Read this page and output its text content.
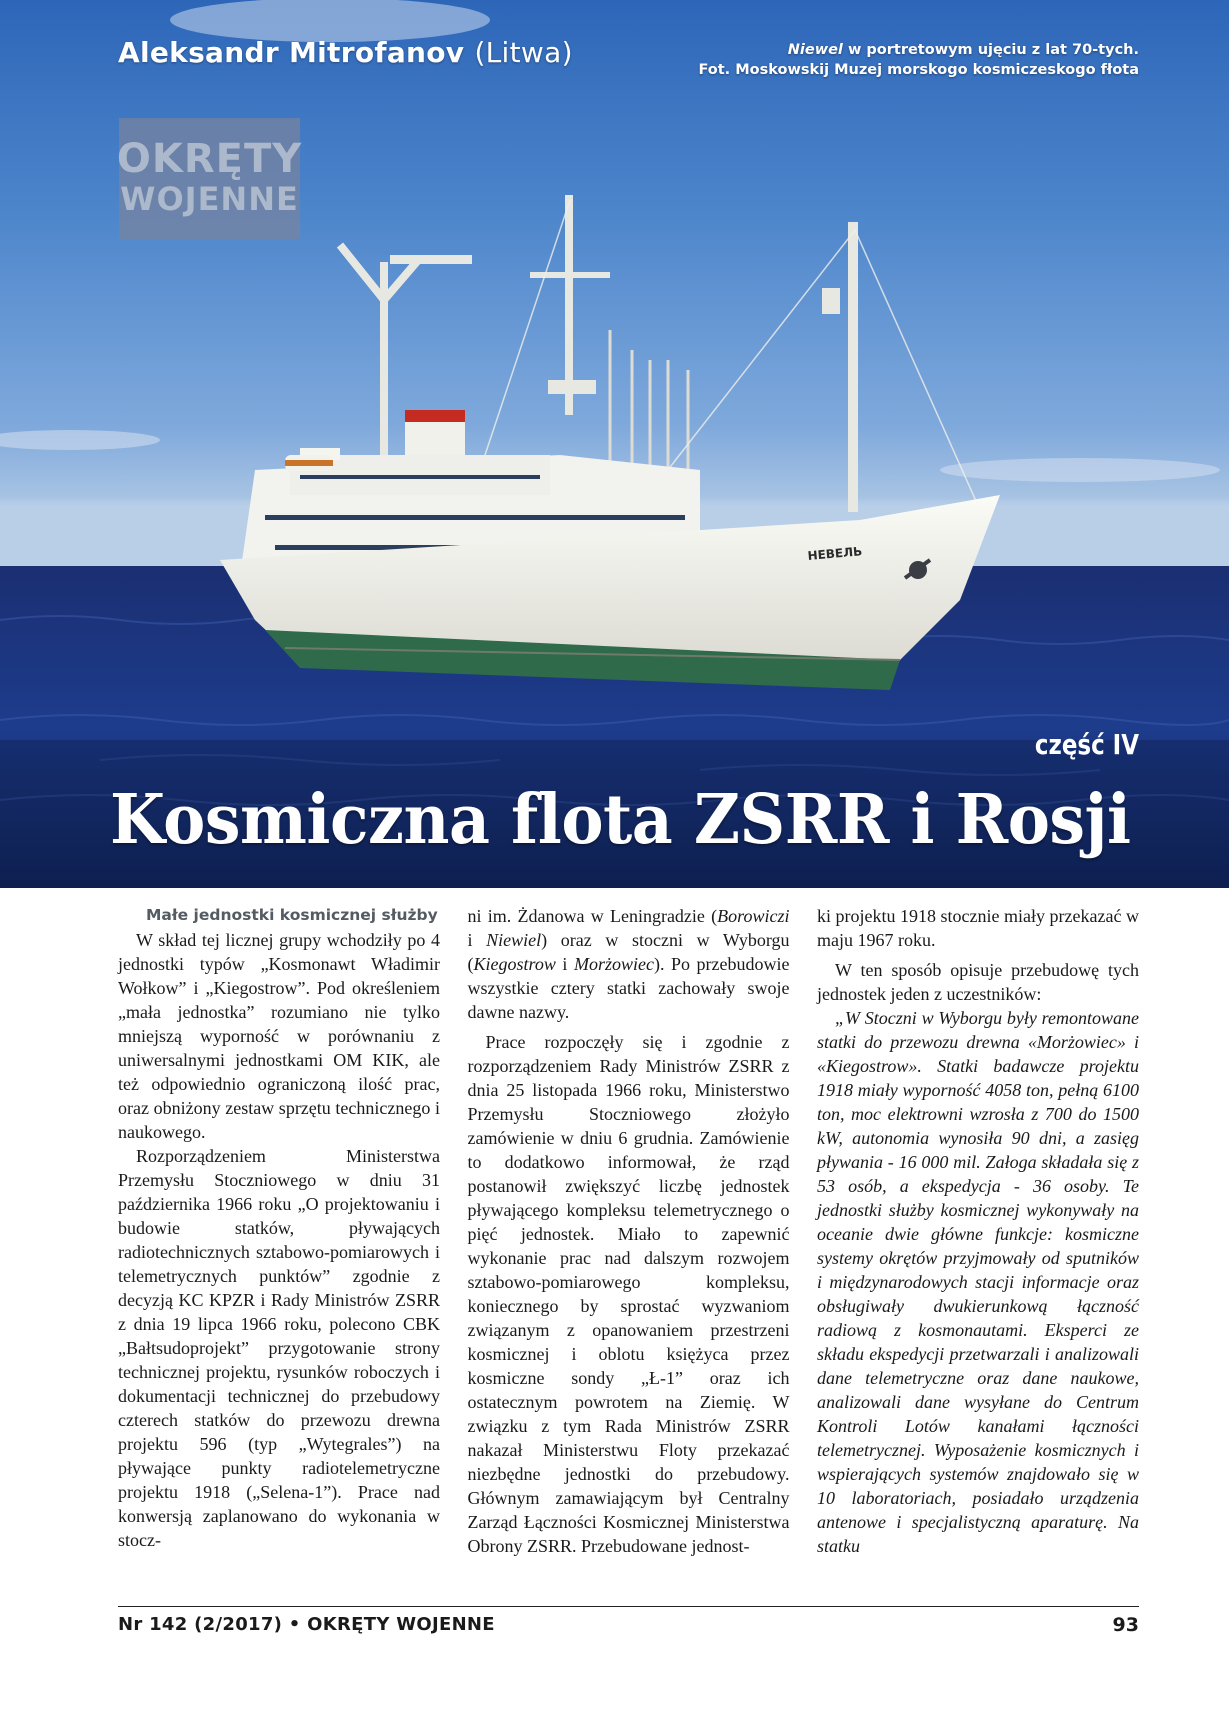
НЕВЕЛЬ
Aleksandr Mitrofanov (Litwa)	Niewel w portretowym ujęciu z lat 70-tych.
Fot. Moskowskij Muzej morskogo kosmiczeskogo fłota
OKRĘTY
WOJENNE
część IV
Kosmiczna flota ZSRR i Rosji
Małe jednostki kosmicznej służby

W skład tej licznej grupy wchodziły po 4 jednostki typów „Kosmonawt Władimir Wołkow” i „Kiegostrow”. Pod określeniem „mała jednostka” rozumiano nie tylko mniejszą wyporność w porównaniu z uniwersalnymi jednostkami OM KIK, ale też odpowiednio ograniczoną ilość prac, oraz obniżony zestaw sprzętu technicznego i naukowego.

Rozporządzeniem Ministerstwa Przemysłu Stoczniowego w dniu 31 października 1966 roku „O projektowaniu i budowie statków, pływających radiotechnicznych sztabowo-pomiarowych i telemetrycznych punktów” zgodnie z decyzją KC KPZR i Rady Ministrów ZSRR z dnia 19 lipca 1966 roku, polecono CBK „Bałtsudoprojekt” przygotowanie strony technicznej projektu, rysunków roboczych i dokumentacji technicznej do przebudowy czterech statków do przewozu drewna projektu 596 (typ „Wytegrales”) na pływające punkty radiotelemetryczne projektu 1918 („Selena-1”). Prace nad konwersją zaplanowano do wykonania w stocz-

ni im. Żdanowa w Leningradzie (Borowiczi i Niewiel) oraz w stoczni w Wyborgu (Kiegostrow i Morżowiec). Po przebudowie wszystkie cztery statki zachowały swoje dawne nazwy.

Prace rozpoczęły się i zgodnie z rozporządzeniem Rady Ministrów ZSRR z dnia 25 listopada 1966 roku, Ministerstwo Przemysłu Stoczniowego złożyło zamówienie w dniu 6 grudnia. Zamówienie to dodatkowo informował, że rząd postanowił zwiększyć liczbę jednostek pływającego kompleksu telemetrycznego o pięć jednostek. Miało to zapewnić wykonanie prac nad dalszym rozwojem sztabowo-pomiarowego kompleksu, koniecznego by sprostać wyzwaniom związanym z opanowaniem przestrzeni kosmicznej i oblotu księżyca przez kosmiczne sondy „Ł-1” oraz ich ostatecznym powrotem na Ziemię. W związku z tym Rada Ministrów ZSRR nakazał Ministerstwu Floty przekazać niezbędne jednostki do przebudowy. Głównym zamawiającym był Centralny Zarząd Łączności Kosmicznej Ministerstwa Obrony ZSRR. Przebudowane jednost-

ki projektu 1918 stocznie miały przekazać w maju 1967 roku.

W ten sposób opisuje przebudowę tych jednostek jeden z uczestników:

„W Stoczni w Wyborgu były remontowane statki do przewozu drewna «Morżowiec» i «Kiegostrow». Statki badawcze projektu 1918 miały wyporność 4058 ton, pełną 6100 ton, moc elektrowni wzrosła z 700 do 1500 kW, autonomia wynosiła 90 dni, a zasięg pływania - 16 000 mil. Załoga składała się z 53 osób, a ekspedycja - 36 osoby. Te jednostki służby kosmicznej wykonywały na oceanie dwie główne funkcje: kosmiczne systemy okrętów przyjmowały od sputników i międzynarodowych stacji informacje oraz obsługiwały dwukierunkową łączność radiową z kosmonautami. Eksperci ze składu ekspedycji przetwarzali i analizowali dane telemetryczne oraz dane naukowe, analizowali dane wysyłane do Centrum Kontroli Lotów kanałami łączności telemetrycznej. Wyposażenie kosmicznych i wspierających systemów znajdowało się w 10 laboratoriach, posiadało urządzenia antenowe i specjalistyczną aparaturę. Na statku

Nr 142 (2/2017) • OKRĘTY WOJENNE	93
